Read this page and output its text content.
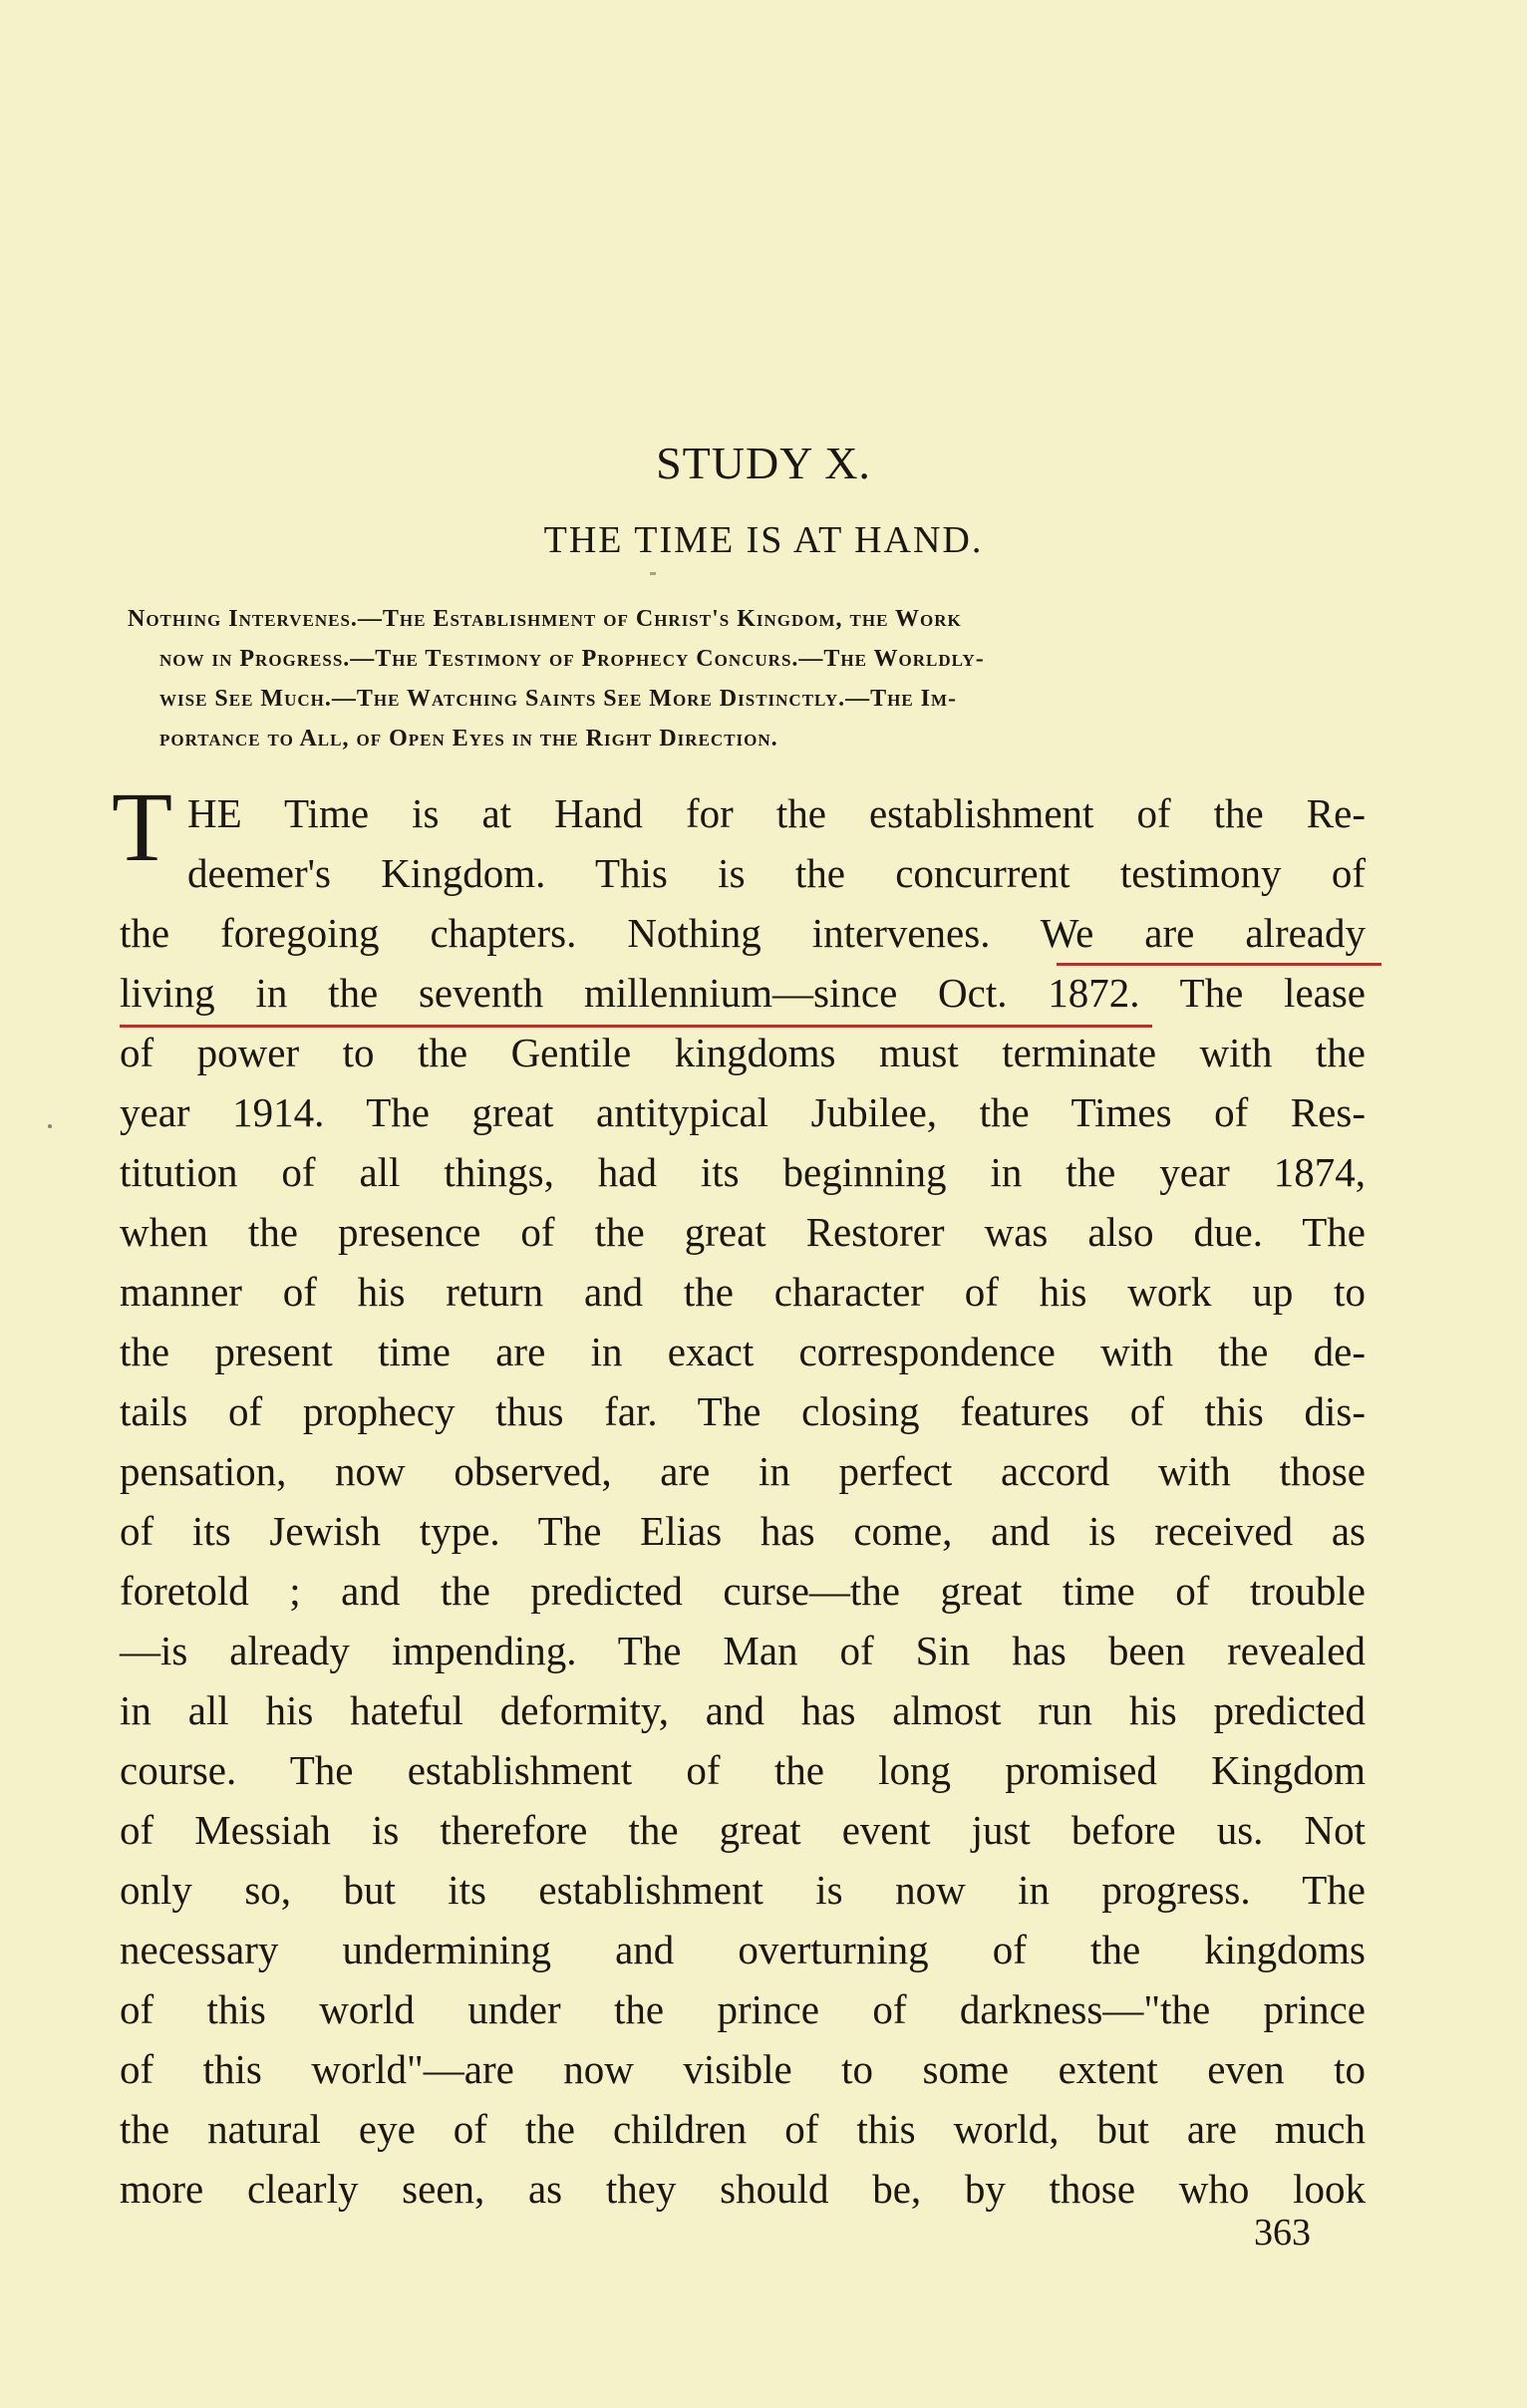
STUDY X.
THE TIME IS AT HAND.
Nothing Intervenes.—The Establishment of Christ's Kingdom, the Work
now in Progress.—The Testimony of Prophecy Concurs.—The Worldly-
wise See Much.—The Watching Saints See More Distinctly.—The Im-
portance to All, of Open Eyes in the Right Direction.
T HE Time is at Hand for the establishment of the Re-
deemer's Kingdom. This is the concurrent testimony of
the foregoing chapters. Nothing intervenes. We are already
living in the seventh millennium—since Oct. 1872. The lease
of power to the Gentile kingdoms must terminate with the
year 1914. The great antitypical Jubilee, the Times of Res-
titution of all things, had its beginning in the year 1874,
when the presence of the great Restorer was also due. The
manner of his return and the character of his work up to
the present time are in exact correspondence with the de-
tails of prophecy thus far. The closing features of this dis-
pensation, now observed, are in perfect accord with those
of its Jewish type. The Elias has come, and is received as
foretold ; and the predicted curse—the great time of trouble
—is already impending. The Man of Sin has been revealed
in all his hateful deformity, and has almost run his predicted
course. The establishment of the long promised Kingdom
of Messiah is therefore the great event just before us. Not
only so, but its establishment is now in progress. The
necessary undermining and overturning of the kingdoms
of this world under the prince of darkness—"the prince
of this world"—are now visible to some extent even to
the natural eye of the children of this world, but are much
more clearly seen, as they should be, by those who look
363
